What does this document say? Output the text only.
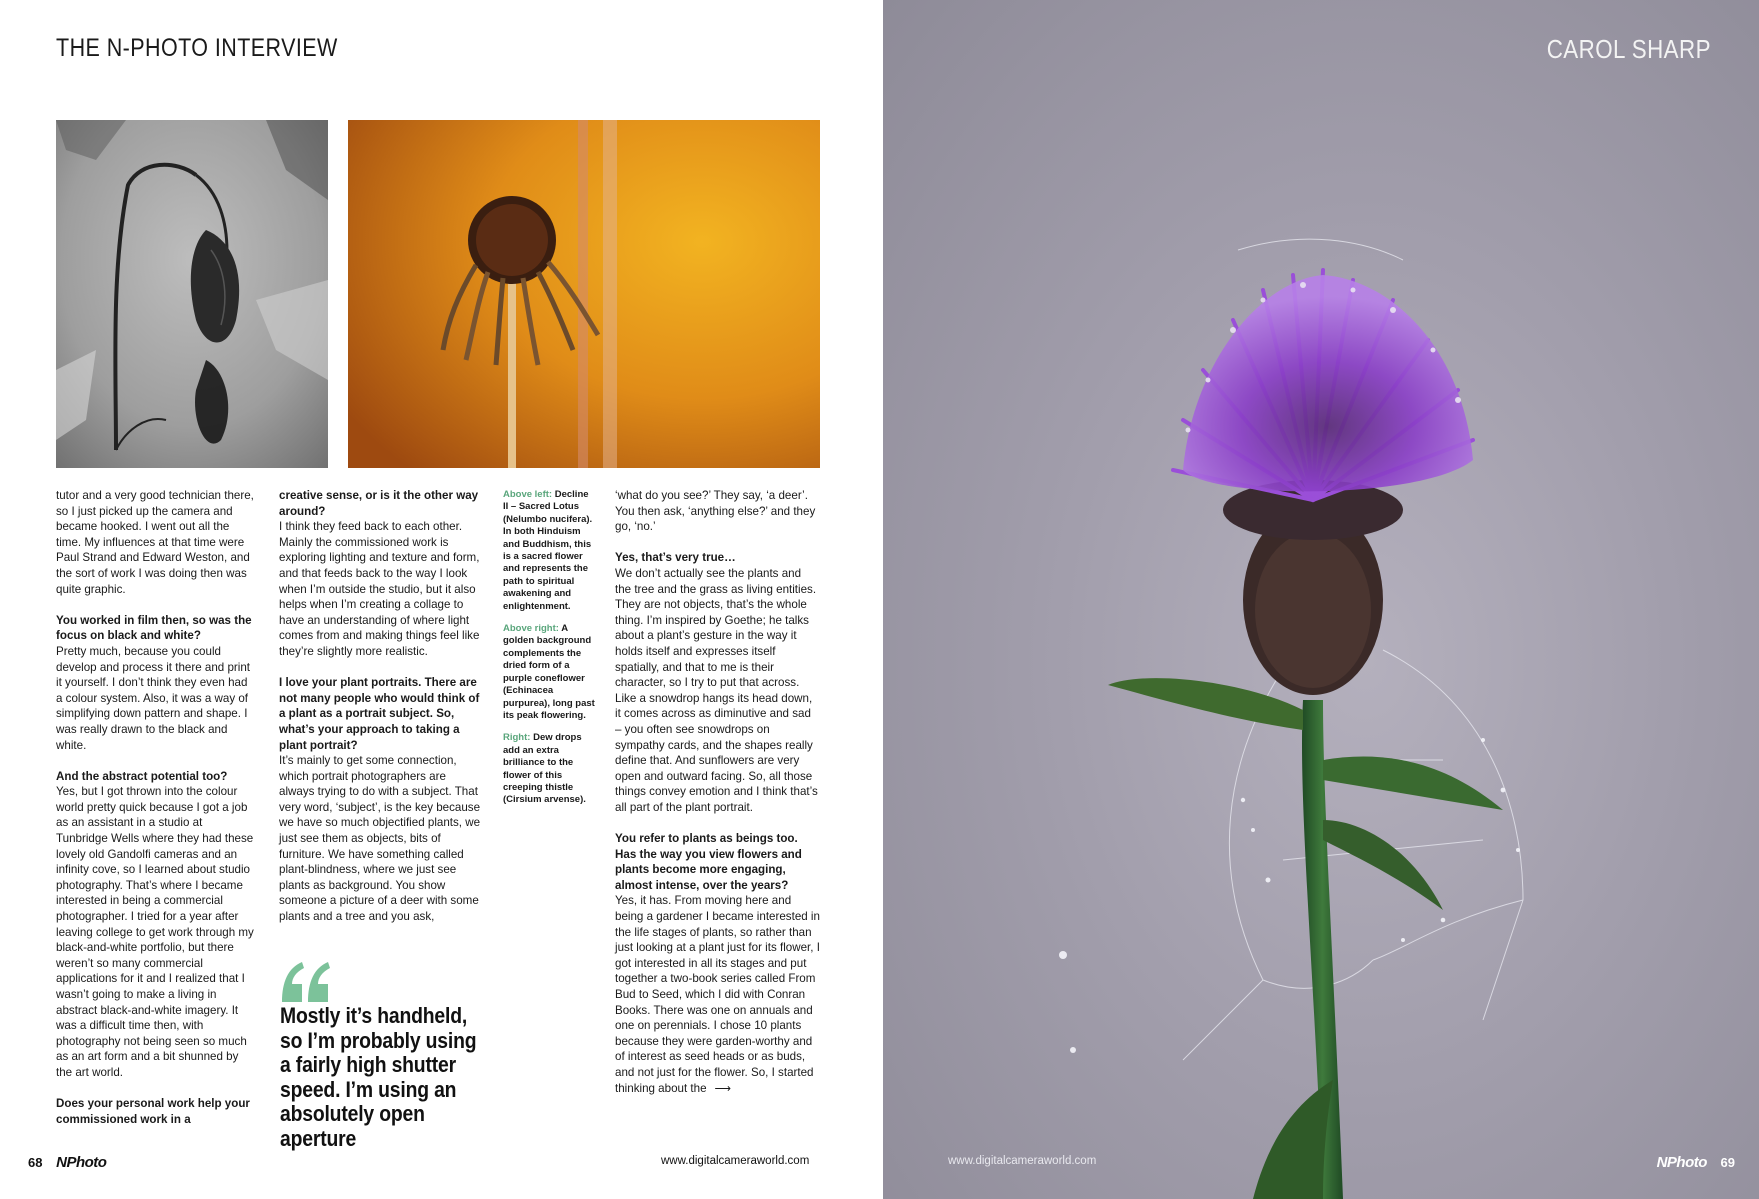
THE N-PHOTO INTERVIEW

tutor and a very good technician there, so I just picked up the camera and became hooked. I went out all the time. My influences at that time were Paul Strand and Edward Weston, and the sort of work I was doing then was quite graphic.

You worked in film then, so was the focus on black and white?
Pretty much, because you could develop and process it there and print it yourself. I don’t think they even had a colour system. Also, it was a way of simplifying down pattern and shape. I was really drawn to the black and white.

And the abstract potential too?
Yes, but I got thrown into the colour world pretty quick because I got a job as an assistant in a studio at Tunbridge Wells where they had these lovely old Gandolfi cameras and an infinity cove, so I learned about studio photography. That’s where I became interested in being a commercial photographer. I tried for a year after leaving college to get work through my black-and-white portfolio, but there weren’t so many commercial applications for it and I realized that I wasn’t going to make a living in abstract black-and-white imagery. It was a difficult time then, with photography not being seen so much as an art form and a bit shunned by the art world.

Does your personal work help your commissioned work in a

creative sense, or is it the other way around?
I think they feed back to each other. Mainly the commissioned work is exploring lighting and texture and form, and that feeds back to the way I look when I’m outside the studio, but it also helps when I’m creating a collage to have an understanding of where light comes from and making things feel like they’re slightly more realistic.

I love your plant portraits. There are not many people who would think of a plant as a portrait subject. So, what’s your approach to taking a plant portrait?
It’s mainly to get some connection, which portrait photographers are always trying to do with a subject. That very word, ‘subject’, is the key because we have so much objectified plants, we just see them as objects, bits of furniture. We have something called plant-blindness, where we just see plants as background. You show someone a picture of a deer with some plants and a tree and you ask,

Above left: Decline II – Sacred Lotus (Nelumbo nucifera). In both Hinduism and Buddhism, this is a sacred flower and represents the path to spiritual awakening and enlightenment.

Above right: A golden background complements the dried form of a purple coneflower (Echinacea purpurea), long past its peak flowering.

Right: Dew drops add an extra brilliance to the flower of this creeping thistle (Cirsium arvense).

‘what do you see?’ They say, ‘a deer’. You then ask, ‘anything else?’ and they go, ‘no.’

Yes, that’s very true…
We don’t actually see the plants and the tree and the grass as living entities. They are not objects, that’s the whole thing. I’m inspired by Goethe; he talks about a plant’s gesture in the way it holds itself and expresses itself spatially, and that to me is their character, so I try to put that across. Like a snowdrop hangs its head down, it comes across as diminutive and sad – you often see snowdrops on sympathy cards, and the shapes really define that. And sunflowers are very open and outward facing. So, all those things convey emotion and I think that’s all part of the plant portrait.

You refer to plants as beings too. Has the way you view flowers and plants become more engaging, almost intense, over the years?
Yes, it has. From moving here and being a gardener I became interested in the life stages of plants, so rather than just looking at a plant just for its flower, I got interested in all its stages and put together a two-book series called From Bud to Seed, which I did with Conran Books. There was one on annuals and one on perennials. I chose 10 plants because they were garden-worthy and of interest as seed heads or as buds, and not just for the flower. So, I started thinking about the ⟶

Mostly it’s handheld, so I’m probably using a fairly high shutter speed. I’m using an absolutely open aperture
68 NPhoto	www.digitalcameraworld.com
CAROL SHARP
www.digitalcameraworld.com	NPhoto 69
